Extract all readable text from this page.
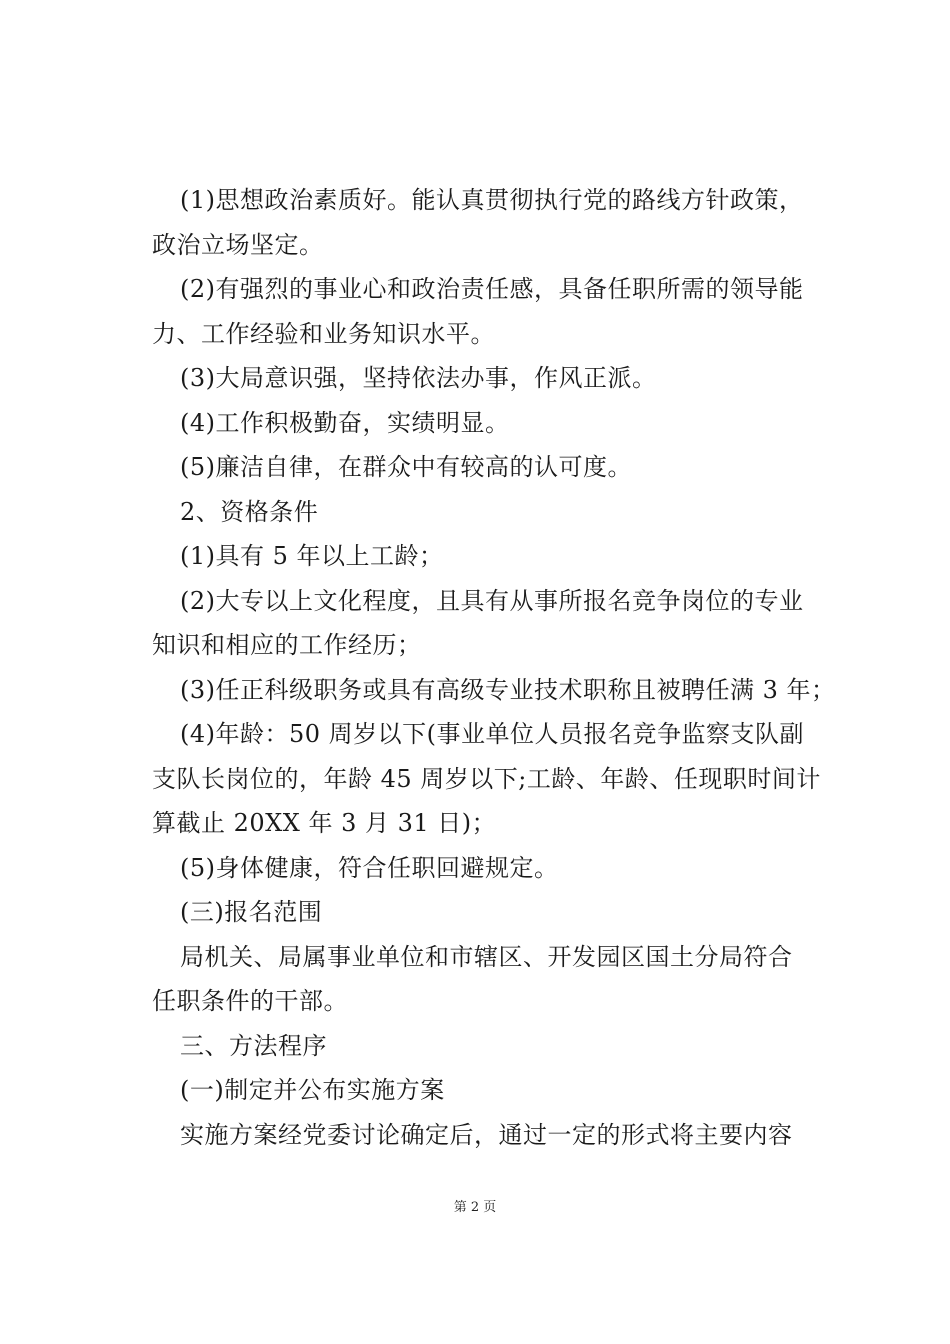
(1)思想政治素质好。能认真贯彻执行党的路线方针政策，
政治立场坚定。

(2)有强烈的事业心和政治责任感，具备任职所需的领导能
力、工作经验和业务知识水平。

(3)大局意识强，坚持依法办事，作风正派。

(4)工作积极勤奋，实绩明显。

(5)廉洁自律，在群众中有较高的认可度。

2、资格条件

(1)具有 5 年以上工龄；

(2)大专以上文化程度，且具有从事所报名竞争岗位的专业
知识和相应的工作经历；

(3)任正科级职务或具有高级专业技术职称且被聘任满 3 年；

(4)年龄：50 周岁以下(事业单位人员报名竞争监察支队副
支队长岗位的，年龄 45 周岁以下;工龄、年龄、任现职时间计
算截止 20XX 年 3 月 31 日)；

(5)身体健康，符合任职回避规定。

(三)报名范围

局机关、局属事业单位和市辖区、开发园区国土分局符合
任职条件的干部。

三、方法程序

(一)制定并公布实施方案

实施方案经党委讨论确定后，通过一定的形式将主要内容

第 2 页
